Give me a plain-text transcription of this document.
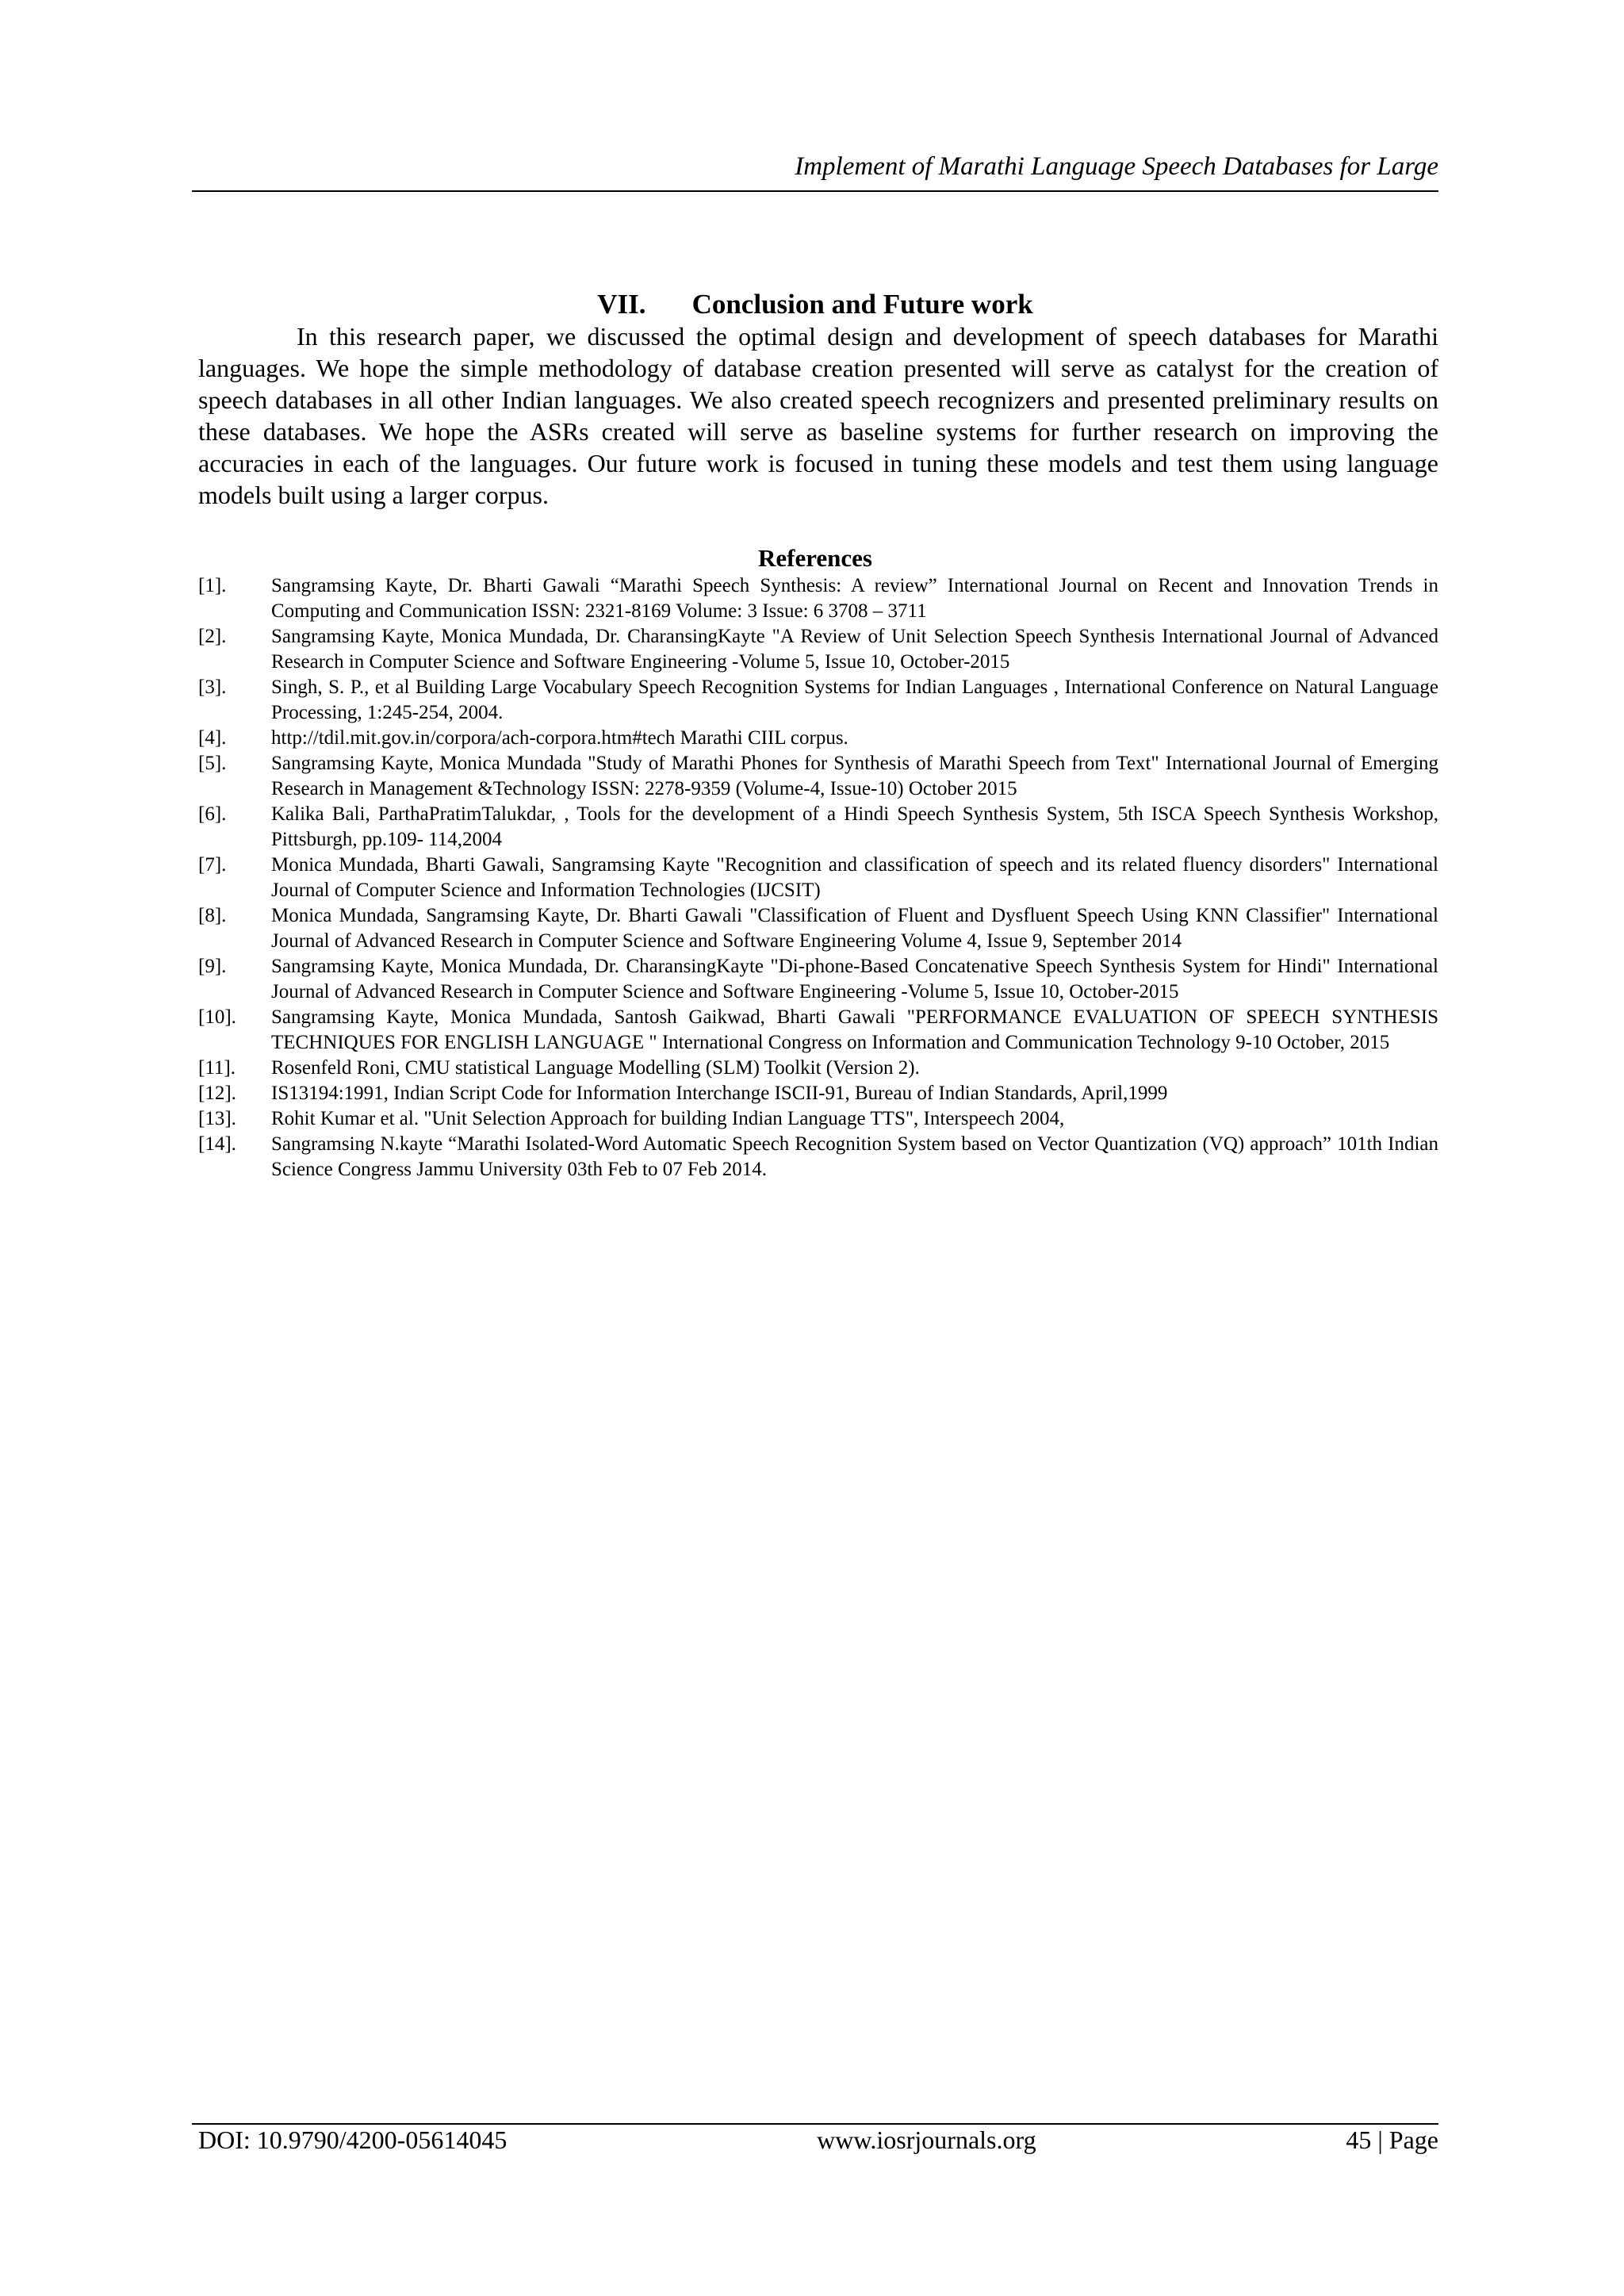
Implement of Marathi Language Speech Databases for Large
VII. Conclusion and Future work

In this research paper, we discussed the optimal design and development of speech databases for Marathi languages. We hope the simple methodology of database creation presented will serve as catalyst for the creation of speech databases in all other Indian languages. We also created speech recognizers and presented preliminary results on these databases. We hope the ASRs created will serve as baseline systems for further research on improving the accuracies in each of the languages. Our future work is focused in tuning these models and test them using language models built using a larger corpus.

References
[1].	Sangramsing Kayte, Dr. Bharti Gawali “Marathi Speech Synthesis: A review” International Journal on Recent and Innovation Trends in Computing and Communication ISSN: 2321-8169 Volume: 3 Issue: 6 3708 – 3711
[2].	Sangramsing Kayte, Monica Mundada, Dr. CharansingKayte "A Review of Unit Selection Speech Synthesis International Journal of Advanced Research in Computer Science and Software Engineering -Volume 5, Issue 10, October-2015
[3].	Singh, S. P., et al Building Large Vocabulary Speech Recognition Systems for Indian Languages , International Conference on Natural Language Processing, 1:245-254, 2004.
[4].	http://tdil.mit.gov.in/corpora/ach-corpora.htm#tech Marathi CIIL corpus.
[5].	Sangramsing Kayte, Monica Mundada "Study of Marathi Phones for Synthesis of Marathi Speech from Text" International Journal of Emerging Research in Management &Technology ISSN: 2278-9359 (Volume-4, Issue-10) October 2015
[6].	Kalika Bali, ParthaPratimTalukdar, , Tools for the development of a Hindi Speech Synthesis System, 5th ISCA Speech Synthesis Workshop, Pittsburgh, pp.109- 114,2004
[7].	Monica Mundada, Bharti Gawali, Sangramsing Kayte "Recognition and classification of speech and its related fluency disorders" International Journal of Computer Science and Information Technologies (IJCSIT)
[8].	Monica Mundada, Sangramsing Kayte, Dr. Bharti Gawali "Classification of Fluent and Dysfluent Speech Using KNN Classifier" International Journal of Advanced Research in Computer Science and Software Engineering Volume 4, Issue 9, September 2014
[9].	Sangramsing Kayte, Monica Mundada, Dr. CharansingKayte "Di-phone-Based Concatenative Speech Synthesis System for Hindi" International Journal of Advanced Research in Computer Science and Software Engineering -Volume 5, Issue 10, October-2015
[10].	Sangramsing Kayte, Monica Mundada, Santosh Gaikwad, Bharti Gawali "PERFORMANCE EVALUATION OF SPEECH SYNTHESIS TECHNIQUES FOR ENGLISH LANGUAGE " International Congress on Information and Communication Technology 9-10 October, 2015
[11].	Rosenfeld Roni, CMU statistical Language Modelling (SLM) Toolkit (Version 2).
[12].	IS13194:1991, Indian Script Code for Information Interchange ISCII-91, Bureau of Indian Standards, April,1999
[13].	Rohit Kumar et al. "Unit Selection Approach for building Indian Language TTS", Interspeech 2004,
[14].	Sangramsing N.kayte “Marathi Isolated-Word Automatic Speech Recognition System based on Vector Quantization (VQ) approach” 101th Indian Science Congress Jammu University 03th Feb to 07 Feb 2014.
DOI: 10.9790/4200-05614045	www.iosrjournals.org	45 | Page
